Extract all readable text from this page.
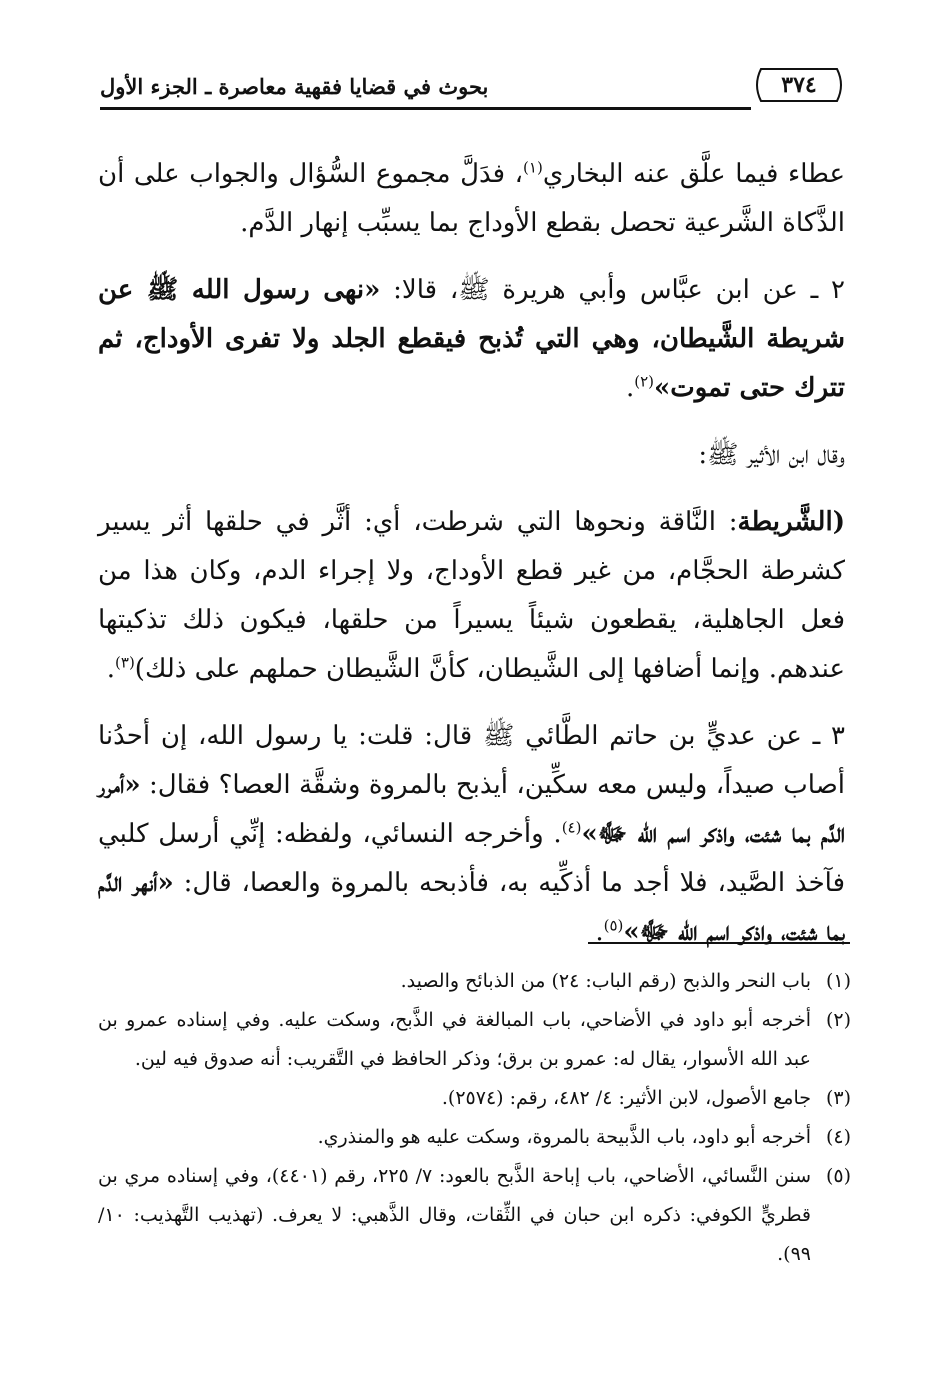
بحوث في قضايا فقهية معاصرة ـ الجزء الأول	٣٧٤

عطاء فيما علَّق عنه البخاري$^{(١)}$، فدَلَّ مجموع السُّؤال والجواب على أن الذَّكاة الشَّرعية تحصل بقطع الأوداج بما يسبِّب إنهار الدَّم.

٢ ـ عن ابن عبَّاس وأبي هريرة ﷺ، قالا: «نهى رسول الله ﷺ عن شريطة الشَّيطان، وهي التي تُذبح فيقطع الجلد ولا تفرى الأوداج، ثم تترك حتى تموت»$^{(٢)}$.

وقال ابن الأثير ﷺ:

(الشَّريطة: النَّاقة ونحوها التي شرطت، أي: أثَّر في حلقها أثر يسير كشرطة الحجَّام، من غير قطع الأوداج، ولا إجراء الدم، وكان هذا من فعل الجاهلية، يقطعون شيئاً يسيراً من حلقها، فيكون ذلك تذكيتها عندهم. وإنما أضافها إلى الشَّيطان، كأنَّ الشَّيطان حملهم على ذلك)$^{(٣)}$.

٣ ـ عن عديٍّ بن حاتم الطَّائي ﷺ قال: قلت: يا رسول الله، إن أحدُنا أصاب صيداً، وليس معه سكِّين، أيذبح بالمروة وشقَّة العصا؟ فقال: «أمرر الدَّم بما شئت، واذكر اسم الله ﷻ»$^{(٤)}$. وأخرجه النسائي، ولفظه: إنِّي أرسل كلبي فآخذ الصَّيد، فلا أجد ما أذكِّيه به، فأذبحه بالمروة والعصا، قال: «أنهر الدَّم بما شئت، واذكر اسم الله ﷻ»$^{(٥)}$.

(١)
باب النحر والذبح (رقم الباب: ٢٤) من الذبائح والصيد.
(٢)
أخرجه أبو داود في الأضاحي، باب المبالغة في الذَّبح، وسكت عليه. وفي إسناده عمرو بن عبد الله الأسوار، يقال له: عمرو بن برق؛ وذكر الحافظ في التَّقريب: أنه صدوق فيه لين.
(٣)
جامع الأصول، لابن الأثير: ٤/ ٤٨٢، رقم: (٢٥٧٤).
(٤)
أخرجه أبو داود، باب الذَّبيحة بالمروة، وسكت عليه هو والمنذري.
(٥)
سنن النَّسائي، الأضاحي، باب إباحة الذَّبح بالعود: ٧/ ٢٢٥، رقم (٤٤٠١)، وفي إسناده مري بن قطريٍّ الكوفي: ذكره ابن حبان في الثِّقات، وقال الذَّهبي: لا يعرف. (تهذيب التَّهذيب: ١٠/ ٩٩).
